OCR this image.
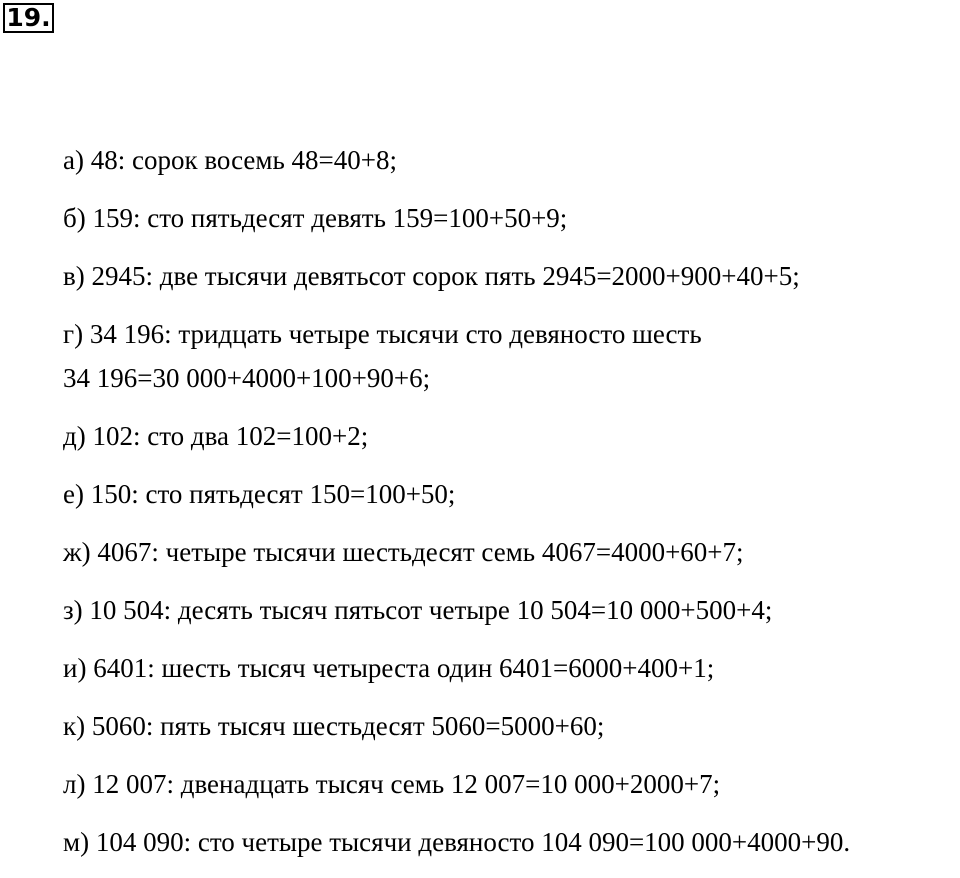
19.
а) 48: сорок восемь 48=40+8;
б) 159: сто пятьдесят девять 159=100+50+9;
в) 2945: две тысячи девятьсот сорок пять 2945=2000+900+40+5;
г) 34 196: тридцать четыре тысячи сто девяносто шесть
34 196=30 000+4000+100+90+6;
д) 102: сто два 102=100+2;
е) 150: сто пятьдесят 150=100+50;
ж) 4067: четыре тысячи шестьдесят семь 4067=4000+60+7;
з) 10 504: десять тысяч пятьсот четыре 10 504=10 000+500+4;
и) 6401: шесть тысяч четыреста один 6401=6000+400+1;
к) 5060: пять тысяч шестьдесят 5060=5000+60;
л) 12 007: двенадцать тысяч семь 12 007=10 000+2000+7;
м) 104 090: сто четыре тысячи девяносто 104 090=100 000+4000+90.
